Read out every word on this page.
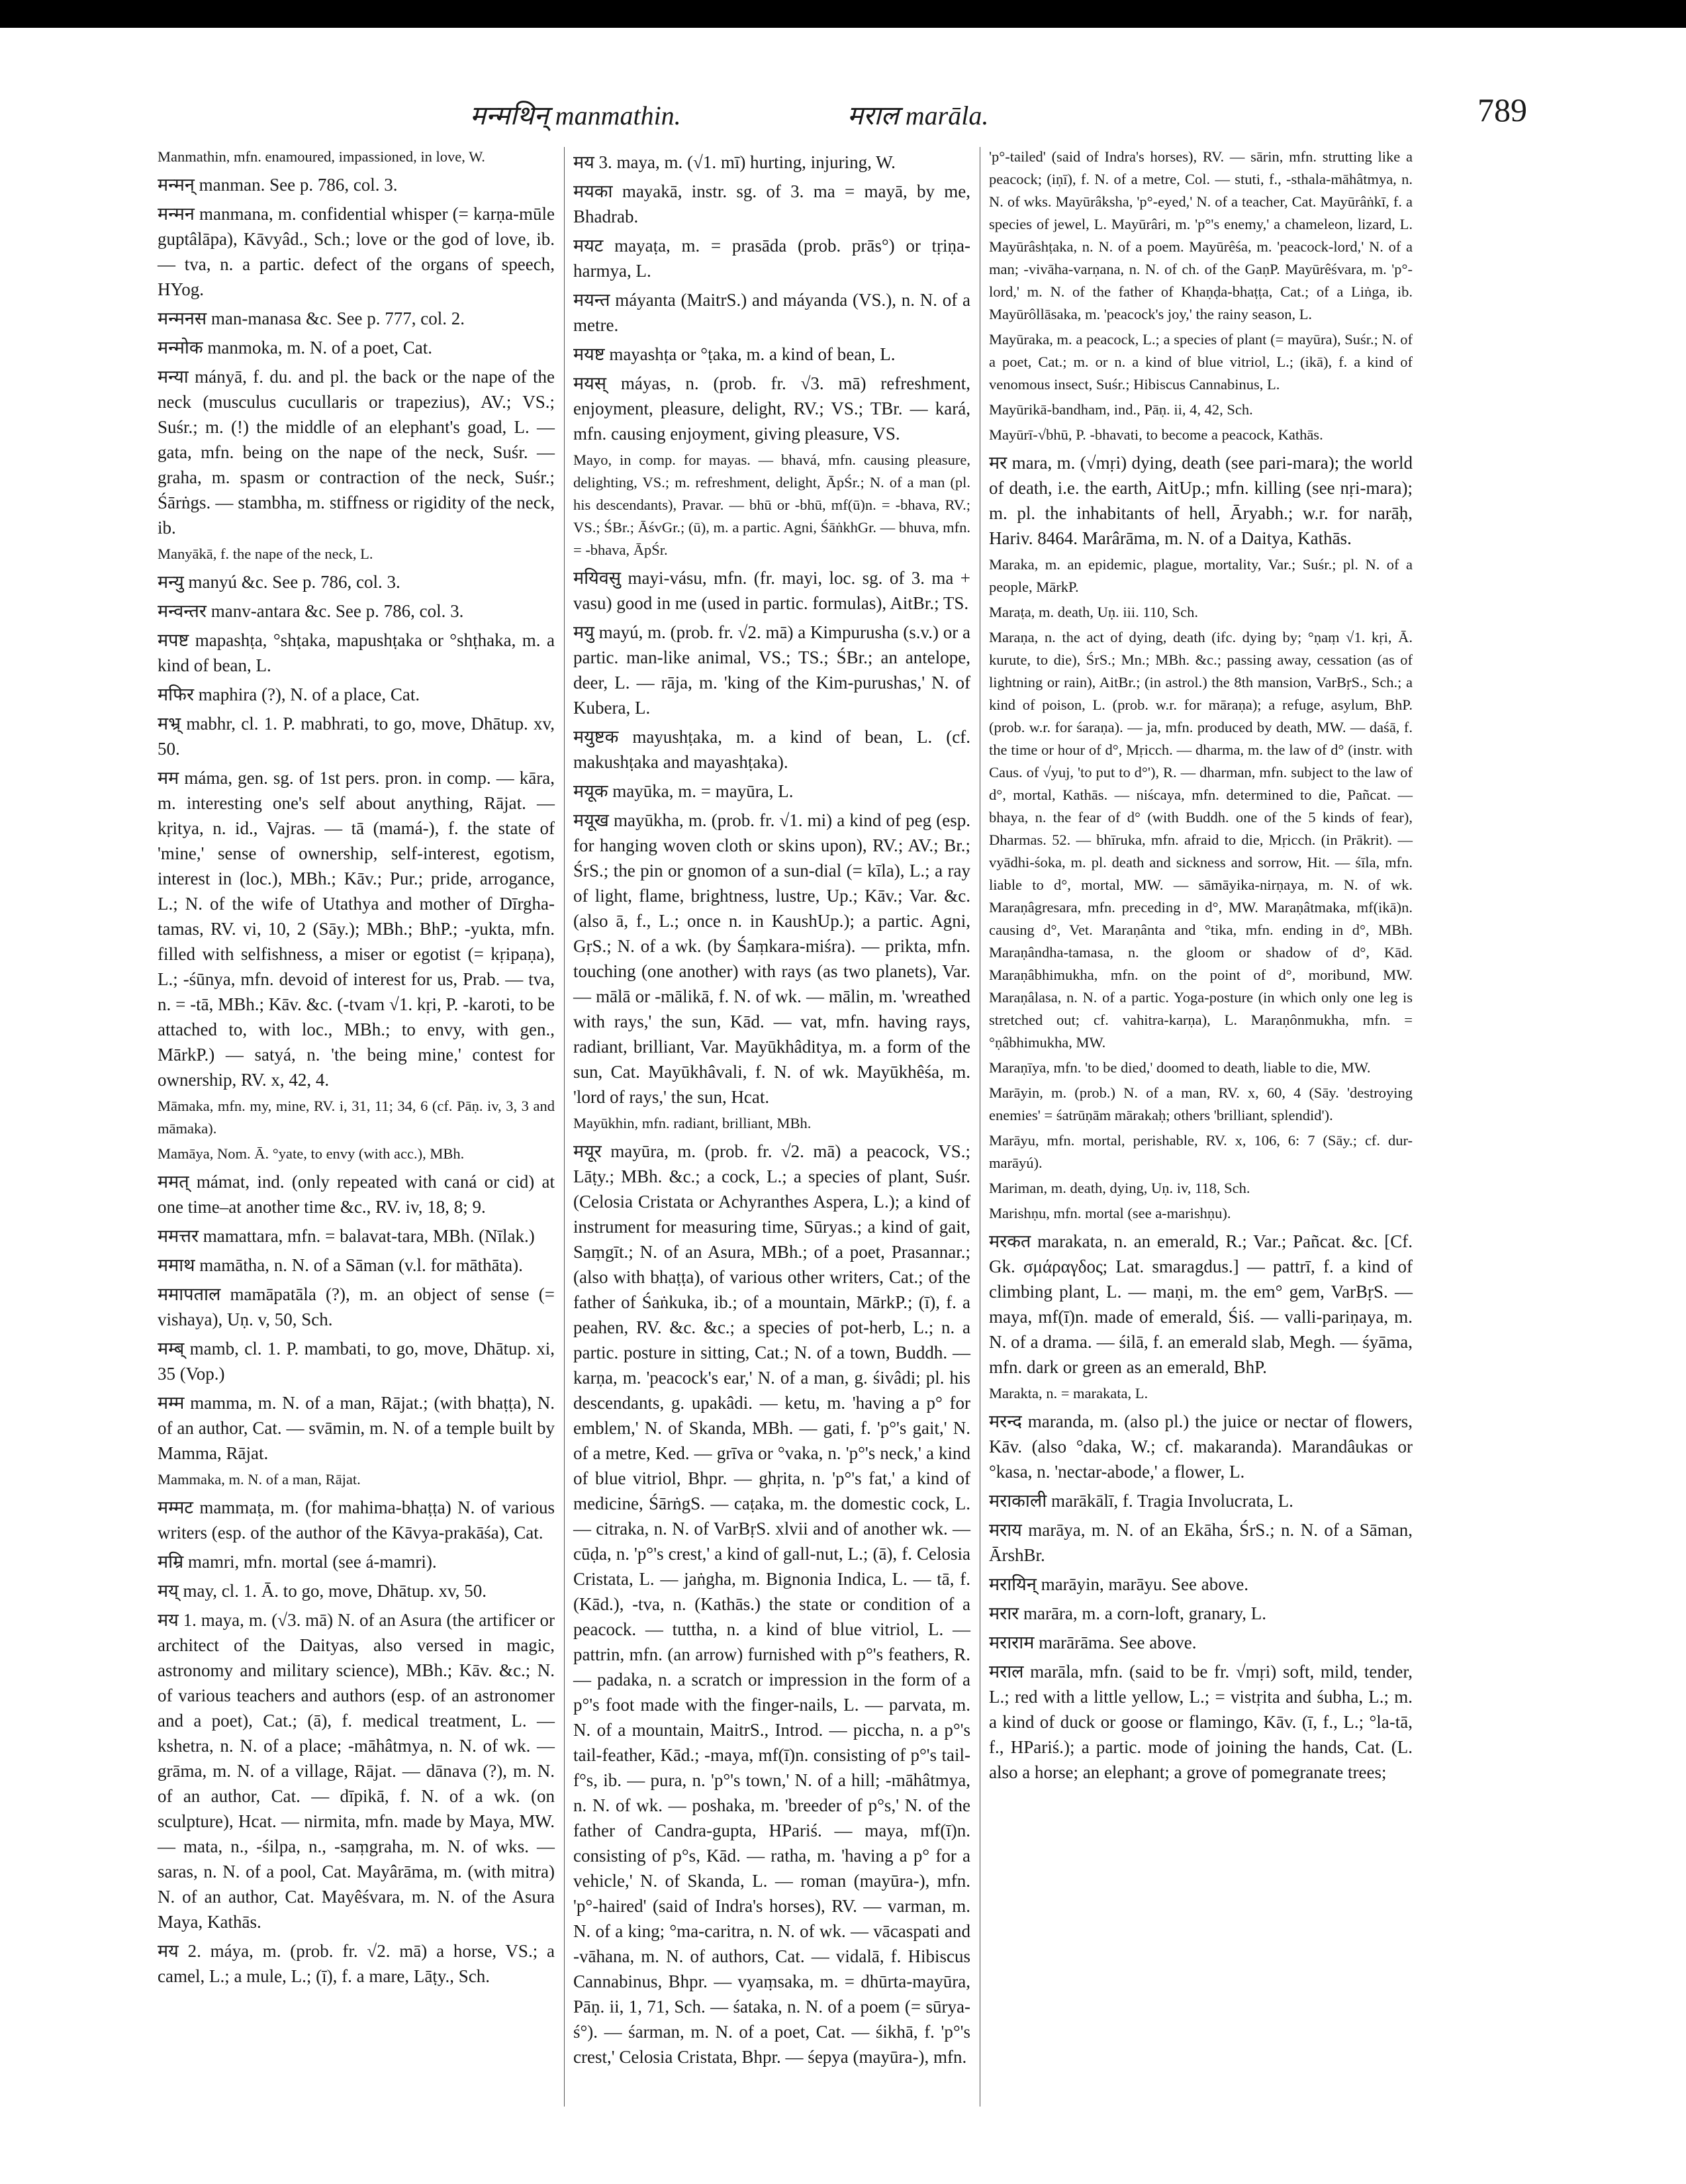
मन्मथिन् manmathin.	मराल marāla.	789

Manmathin, mfn. enamoured, impassioned, in love, W.

मन्मन् manman. See p. 786, col. 3.

मन्मन manmana, m. confidential whisper (= karṇa-mūle guptâlāpa), Kāvyâd., Sch.; love or the god of love, ib. — tva, n. a partic. defect of the organs of speech, HYog.

मन्मनस man-manasa &c. See p. 777, col. 2.

मन्मोक manmoka, m. N. of a poet, Cat.

मन्या mányā, f. du. and pl. the back or the nape of the neck (musculus cucullaris or trapezius), AV.; VS.; Suśr.; m. (!) the middle of an elephant's goad, L. — gata, mfn. being on the nape of the neck, Suśr. — graha, m. spasm or contraction of the neck, Suśr.; Śārṅgs. — stambha, m. stiffness or rigidity of the neck, ib.

Manyākā, f. the nape of the neck, L.

मन्यु manyú &c. See p. 786, col. 3.

मन्वन्तर manv-antara &c. See p. 786, col. 3.

मपष्ट mapashṭa, °shṭaka, mapushṭaka or °shṭhaka, m. a kind of bean, L.

मफिर maphira (?), N. of a place, Cat.

मभ्र् mabhr, cl. 1. P. mabhrati, to go, move, Dhātup. xv, 50.

मम máma, gen. sg. of 1st pers. pron. in comp. — kāra, m. interesting one's self about anything, Rājat. — kṛitya, n. id., Vajras. — tā (mamá-), f. the state of 'mine,' sense of ownership, self-interest, egotism, interest in (loc.), MBh.; Kāv.; Pur.; pride, arrogance, L.; N. of the wife of Utathya and mother of Dīrgha-tamas, RV. vi, 10, 2 (Sāy.); MBh.; BhP.; -yukta, mfn. filled with selfishness, a miser or egotist (= kṛipaṇa), L.; -śūnya, mfn. devoid of interest for us, Prab. — tva, n. = -tā, MBh.; Kāv. &c. (-tvam √1. kṛi, P. -karoti, to be attached to, with loc., MBh.; to envy, with gen., MārkP.) — satyá, n. 'the being mine,' contest for ownership, RV. x, 42, 4.

Māmaka, mfn. my, mine, RV. i, 31, 11; 34, 6 (cf. Pāṇ. iv, 3, 3 and māmaka).

Mamāya, Nom. Ā. °yate, to envy (with acc.), MBh.

ममत् mámat, ind. (only repeated with caná or cid) at one time–at another time &c., RV. iv, 18, 8; 9.

ममत्तर mamattara, mfn. = balavat-tara, MBh. (Nīlak.)

ममाथ mamātha, n. N. of a Sāman (v.l. for māthāta).

ममापताल mamāpatāla (?), m. an object of sense (= vishaya), Uṇ. v, 50, Sch.

मम्ब् mamb, cl. 1. P. mambati, to go, move, Dhātup. xi, 35 (Vop.)

मम्म mamma, m. N. of a man, Rājat.; (with bhaṭṭa), N. of an author, Cat. — svāmin, m. N. of a temple built by Mamma, Rājat.

Mammaka, m. N. of a man, Rājat.

मम्मट mammaṭa, m. (for mahima-bhaṭṭa) N. of various writers (esp. of the author of the Kāvya-prakāśa), Cat.

मम्रि mamri, mfn. mortal (see á-mamri).

मय् may, cl. 1. Ā. to go, move, Dhātup. xv, 50.

मय 1. maya, m. (√3. mā) N. of an Asura (the artificer or architect of the Daityas, also versed in magic, astronomy and military science), MBh.; Kāv. &c.; N. of various teachers and authors (esp. of an astronomer and a poet), Cat.; (ā), f. medical treatment, L. — kshetra, n. N. of a place; -māhâtmya, n. N. of wk. — grāma, m. N. of a village, Rājat. — dānava (?), m. N. of an author, Cat. — dīpikā, f. N. of a wk. (on sculpture), Hcat. — nirmita, mfn. made by Maya, MW. — mata, n., -śilpa, n., -saṃgraha, m. N. of wks. — saras, n. N. of a pool, Cat. Mayârāma, m. (with mitra) N. of an author, Cat. Mayêśvara, m. N. of the Asura Maya, Kathās.

मय 2. máya, m. (prob. fr. √2. mā) a horse, VS.; a camel, L.; a mule, L.; (ī), f. a mare, Lāṭy., Sch.

मय 3. maya, m. (√1. mī) hurting, injuring, W.

मयका mayakā, instr. sg. of 3. ma = mayā, by me, Bhadrab.

मयट mayaṭa, m. = prasāda (prob. prās°) or tṛiṇa-harmya, L.

मयन्त máyanta (MaitrS.) and máyanda (VS.), n. N. of a metre.

मयष्ट mayashṭa or °ṭaka, m. a kind of bean, L.

मयस् máyas, n. (prob. fr. √3. mā) refreshment, enjoyment, pleasure, delight, RV.; VS.; TBr. — kará, mfn. causing enjoyment, giving pleasure, VS.

Mayo, in comp. for mayas. — bhavá, mfn. causing pleasure, delighting, VS.; m. refreshment, delight, ĀpŚr.; N. of a man (pl. his descendants), Pravar. — bhū or -bhū, mf(ū)n. = -bhava, RV.; VS.; ŚBr.; ĀśvGr.; (ū), m. a partic. Agni, ŚāṅkhGr. — bhuva, mfn. = -bhava, ĀpŚr.

मयिवसु mayi-vásu, mfn. (fr. mayi, loc. sg. of 3. ma + vasu) good in me (used in partic. formulas), AitBr.; TS.

मयु mayú, m. (prob. fr. √2. mā) a Kimpurusha (s.v.) or a partic. man-like animal, VS.; TS.; ŚBr.; an antelope, deer, L. — rāja, m. 'king of the Kim-purushas,' N. of Kubera, L.

मयुष्टक mayushṭaka, m. a kind of bean, L. (cf. makushṭaka and mayashṭaka).

मयूक mayūka, m. = mayūra, L.

मयूख mayūkha, m. (prob. fr. √1. mi) a kind of peg (esp. for hanging woven cloth or skins upon), RV.; AV.; Br.; ŚrS.; the pin or gnomon of a sun-dial (= kīla), L.; a ray of light, flame, brightness, lustre, Up.; Kāv.; Var. &c. (also ā, f., L.; once n. in KaushUp.); a partic. Agni, GṛS.; N. of a wk. (by Śaṃkara-miśra). — prikta, mfn. touching (one another) with rays (as two planets), Var. — mālā or -mālikā, f. N. of wk. — mālin, m. 'wreathed with rays,' the sun, Kād. — vat, mfn. having rays, radiant, brilliant, Var. Mayūkhâditya, m. a form of the sun, Cat. Mayūkhâvali, f. N. of wk. Mayūkhêśa, m. 'lord of rays,' the sun, Hcat.

Mayūkhin, mfn. radiant, brilliant, MBh.

मयूर mayūra, m. (prob. fr. √2. mā) a peacock, VS.; Lāṭy.; MBh. &c.; a cock, L.; a species of plant, Suśr. (Celosia Cristata or Achyranthes Aspera, L.); a kind of instrument for measuring time, Sūryas.; a kind of gait, Saṃgīt.; N. of an Asura, MBh.; of a poet, Prasannar.; (also with bhaṭṭa), of various other writers, Cat.; of the father of Śaṅkuka, ib.; of a mountain, MārkP.; (ī), f. a peahen, RV. &c. &c.; a species of pot-herb, L.; n. a partic. posture in sitting, Cat.; N. of a town, Buddh. — karṇa, m. 'peacock's ear,' N. of a man, g. śivâdi; pl. his descendants, g. upakâdi. — ketu, m. 'having a p° for emblem,' N. of Skanda, MBh. — gati, f. 'p°'s gait,' N. of a metre, Ked. — grīva or °vaka, n. 'p°'s neck,' a kind of blue vitriol, Bhpr. — ghṛita, n. 'p°'s fat,' a kind of medicine, ŚārṅgS. — caṭaka, m. the domestic cock, L. — citraka, n. N. of VarBṛS. xlvii and of another wk. — cūḍa, n. 'p°'s crest,' a kind of gall-nut, L.; (ā), f. Celosia Cristata, L. — jaṅgha, m. Bignonia Indica, L. — tā, f. (Kād.), -tva, n. (Kathās.) the state or condition of a peacock. — tuttha, n. a kind of blue vitriol, L. — pattrin, mfn. (an arrow) furnished with p°'s feathers, R. — padaka, n. a scratch or impression in the form of a p°'s foot made with the finger-nails, L. — parvata, m. N. of a mountain, MaitrS., Introd. — piccha, n. a p°'s tail-feather, Kād.; -maya, mf(ī)n. consisting of p°'s tail-f°s, ib. — pura, n. 'p°'s town,' N. of a hill; -māhâtmya, n. N. of wk. — poshaka, m. 'breeder of p°s,' N. of the father of Candra-gupta, HPariś. — maya, mf(ī)n. consisting of p°s, Kād. — ratha, m. 'having a p° for a vehicle,' N. of Skanda, L. — roman (mayūra-), mfn. 'p°-haired' (said of Indra's horses), RV. — varman, m. N. of a king; °ma-caritra, n. N. of wk. — vācaspati and -vāhana, m. N. of authors, Cat. — vidalā, f. Hibiscus Cannabinus, Bhpr. — vyaṃsaka, m. = dhūrta-mayūra, Pāṇ. ii, 1, 71, Sch. — śataka, n. N. of a poem (= sūrya-ś°). — śarman, m. N. of a poet, Cat. — śikhā, f. 'p°'s crest,' Celosia Cristata, Bhpr. — śepya (mayūra-), mfn.

'p°-tailed' (said of Indra's horses), RV. — sārin, mfn. strutting like a peacock; (iṇī), f. N. of a metre, Col. — stuti, f., -sthala-māhâtmya, n. N. of wks. Mayūrâksha, 'p°-eyed,' N. of a teacher, Cat. Mayūrâṅkī, f. a species of jewel, L. Mayūrâri, m. 'p°'s enemy,' a chameleon, lizard, L. Mayūrâshṭaka, n. N. of a poem. Mayūrêśa, m. 'peacock-lord,' N. of a man; -vivāha-varṇana, n. N. of ch. of the GaṇP. Mayūrêśvara, m. 'p°-lord,' m. N. of the father of Khaṇḍa-bhaṭṭa, Cat.; of a Liṅga, ib. Mayūrôllāsaka, m. 'peacock's joy,' the rainy season, L.

Mayūraka, m. a peacock, L.; a species of plant (= mayūra), Suśr.; N. of a poet, Cat.; m. or n. a kind of blue vitriol, L.; (ikā), f. a kind of venomous insect, Suśr.; Hibiscus Cannabinus, L.

Mayūrikā-bandham, ind., Pāṇ. ii, 4, 42, Sch.

Mayūrī-√bhū, P. -bhavati, to become a peacock, Kathās.

मर mara, m. (√mṛi) dying, death (see pari-mara); the world of death, i.e. the earth, AitUp.; mfn. killing (see nṛi-mara); m. pl. the inhabitants of hell, Āryabh.; w.r. for narāḥ, Hariv. 8464. Marârāma, m. N. of a Daitya, Kathās.

Maraka, m. an epidemic, plague, mortality, Var.; Suśr.; pl. N. of a people, MārkP.

Maraṭa, m. death, Uṇ. iii. 110, Sch.

Maraṇa, n. the act of dying, death (ifc. dying by; °ṇaṃ √1. kṛi, Ā. kurute, to die), ŚrS.; Mn.; MBh. &c.; passing away, cessation (as of lightning or rain), AitBr.; (in astrol.) the 8th mansion, VarBṛS., Sch.; a kind of poison, L. (prob. w.r. for māraṇa); a refuge, asylum, BhP. (prob. w.r. for śaraṇa). — ja, mfn. produced by death, MW. — daśā, f. the time or hour of d°, Mṛicch. — dharma, m. the law of d° (instr. with Caus. of √yuj, 'to put to d°'), R. — dharman, mfn. subject to the law of d°, mortal, Kathās. — niścaya, mfn. determined to die, Pañcat. — bhaya, n. the fear of d° (with Buddh. one of the 5 kinds of fear), Dharmas. 52. — bhīruka, mfn. afraid to die, Mṛicch. (in Prākrit). — vyādhi-śoka, m. pl. death and sickness and sorrow, Hit. — śīla, mfn. liable to d°, mortal, MW. — sāmāyika-nirṇaya, m. N. of wk. Maraṇâgresara, mfn. preceding in d°, MW. Maraṇâtmaka, mf(ikā)n. causing d°, Vet. Maraṇânta and °tika, mfn. ending in d°, MBh. Maraṇândha-tamasa, n. the gloom or shadow of d°, Kād. Maraṇâbhimukha, mfn. on the point of d°, moribund, MW. Maraṇâlasa, n. N. of a partic. Yoga-posture (in which only one leg is stretched out; cf. vahitra-karṇa), L. Maraṇônmukha, mfn. = °ṇâbhimukha, MW.

Maraṇīya, mfn. 'to be died,' doomed to death, liable to die, MW.

Marāyin, m. (prob.) N. of a man, RV. x, 60, 4 (Sāy. 'destroying enemies' = śatrūṇām mārakaḥ; others 'brilliant, splendid').

Marāyu, mfn. mortal, perishable, RV. x, 106, 6: 7 (Sāy.; cf. dur-marāyú).

Mariman, m. death, dying, Uṇ. iv, 118, Sch.

Marishṇu, mfn. mortal (see a-marishṇu).

मरकत marakata, n. an emerald, R.; Var.; Pañcat. &c. [Cf. Gk. σμάραγδος; Lat. smaragdus.] — pattrī, f. a kind of climbing plant, L. — maṇi, m. the em° gem, VarBṛS. — maya, mf(ī)n. made of emerald, Śiś. — valli-pariṇaya, m. N. of a drama. — śilā, f. an emerald slab, Megh. — śyāma, mfn. dark or green as an emerald, BhP.

Marakta, n. = marakata, L.

मरन्द maranda, m. (also pl.) the juice or nectar of flowers, Kāv. (also °daka, W.; cf. makaranda). Marandâukas or °kasa, n. 'nectar-abode,' a flower, L.

मराकाली marākālī, f. Tragia Involucrata, L.

मराय marāya, m. N. of an Ekāha, ŚrS.; n. N. of a Sāman, ĀrshBr.

मरायिन् marāyin, marāyu. See above.

मरार marāra, m. a corn-loft, granary, L.

मराराम marārāma. See above.

मराल marāla, mfn. (said to be fr. √mṛi) soft, mild, tender, L.; red with a little yellow, L.; = vistṛita and śubha, L.; m. a kind of duck or goose or flamingo, Kāv. (ī, f., L.; °la-tā, f., HPariś.); a partic. mode of joining the hands, Cat. (L. also a horse; an elephant; a grove of pomegranate trees;
